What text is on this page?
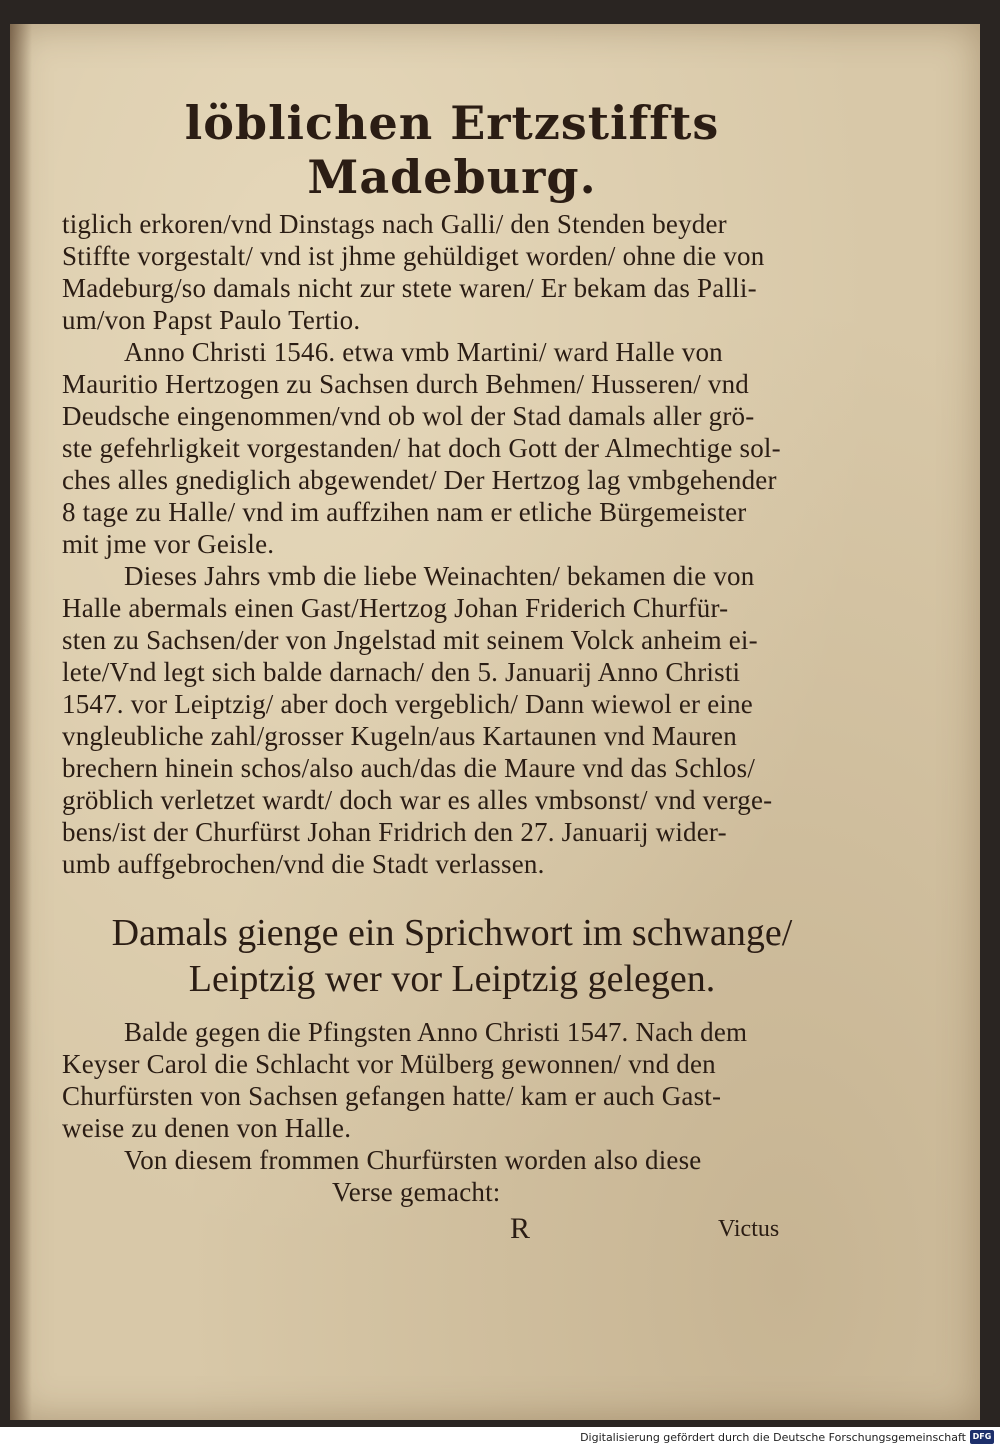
löblichen Ertzstiffts Madeburg.
tiglich erkoren/vnd Dinstags nach Galli/ den Stenden beyder
Stiffte vorgestalt/ vnd ist jhme gehüldiget worden/ ohne die von
Madeburg/so damals nicht zur stete waren/ Er bekam das Palli-
um/von Papst Paulo Tertio.
Anno Christi 1546. etwa vmb Martini/ ward Halle von
Mauritio Hertzogen zu Sachsen durch Behmen/ Husseren/ vnd
Deudsche eingenommen/vnd ob wol der Stad damals aller grö-
ste gefehrligkeit vorgestanden/ hat doch Gott der Almechtige sol-
ches alles gnediglich abgewendet/ Der Hertzog lag vmbgehender
8 tage zu Halle/ vnd im auffzihen nam er etliche Bürgemeister
mit jme vor Geisle.
Dieses Jahrs vmb die liebe Weinachten/ bekamen die von
Halle abermals einen Gast/Hertzog Johan Friderich Churfür-
sten zu Sachsen/der von Jngelstad mit seinem Volck anheim ei-
lete/Vnd legt sich balde darnach/ den 5. Januarij Anno Christi
1547. vor Leiptzig/ aber doch vergeblich/ Dann wiewol er eine
vngleubliche zahl/grosser Kugeln/aus Kartaunen vnd Mauren
brechern hinein schos/also auch/das die Maure vnd das Schlos/
gröblich verletzet wardt/ doch war es alles vmbsonst/ vnd verge-
bens/ist der Churfürst Johan Fridrich den 27. Januarij wider-
umb auffgebrochen/vnd die Stadt verlassen.
Damals gienge ein Sprichwort im schwange/
Leiptzig wer vor Leiptzig gelegen.
Balde gegen die Pfingsten Anno Christi 1547. Nach dem
Keyser Carol die Schlacht vor Mülberg gewonnen/ vnd den
Churfürsten von Sachsen gefangen hatte/ kam er auch Gast-
weise zu denen von Halle.
Von diesem frommen Churfürsten worden also diese
Verse gemacht:
R	Victus
Digitalisierung gefördert durch die Deutsche Forschungsgemeinschaft DFG
